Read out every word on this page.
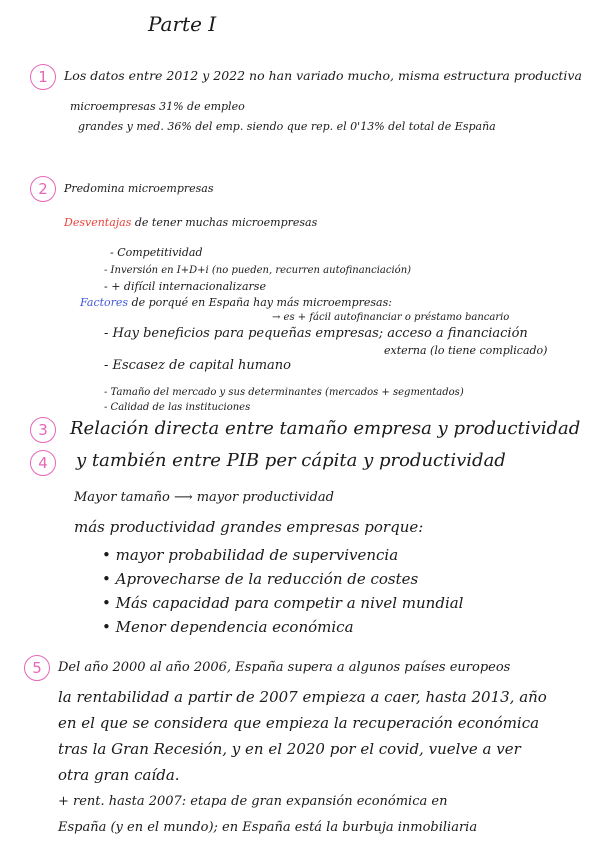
Parte I
1	Los datos entre 2012 y 2022 no han variado mucho, misma estructura productiva
microempresas 31% de empleo
grandes y med. 36% del emp. siendo que rep. el 0'13% del total de España
2	Predomina microempresas
Desventajas de tener muchas microempresas
- Competitividad
- Inversión en I+D+i (no pueden, recurren autofinanciación)
- + difícil internacionalizarse
Factores de porqué en España hay más microempresas:
→ es + fácil autofinanciar o préstamo bancario
- Hay beneficios para pequeñas empresas; acceso a financiación
externa (lo tiene complicado)
- Escasez de capital humano
- Tamaño del mercado y sus determinantes (mercados + segmentados)
- Calidad de las instituciones
3	Relación directa entre tamaño empresa y productividad
4	y también entre PIB per cápita y productividad
Mayor tamaño ⟶ mayor productividad
más productividad grandes empresas porque:
• mayor probabilidad de supervivencia
• Aprovecharse de la reducción de costes
• Más capacidad para competir a nivel mundial
• Menor dependencia económica
5	Del año 2000 al año 2006, España supera a algunos países europeos
la rentabilidad a partir de 2007 empieza a caer, hasta 2013, año
en el que se considera que empieza la recuperación económica
tras la Gran Recesión, y en el 2020 por el covid, vuelve a ver
otra gran caída.
+ rent. hasta 2007: etapa de gran expansión económica en
España (y en el mundo); en España está la burbuja inmobiliaria
